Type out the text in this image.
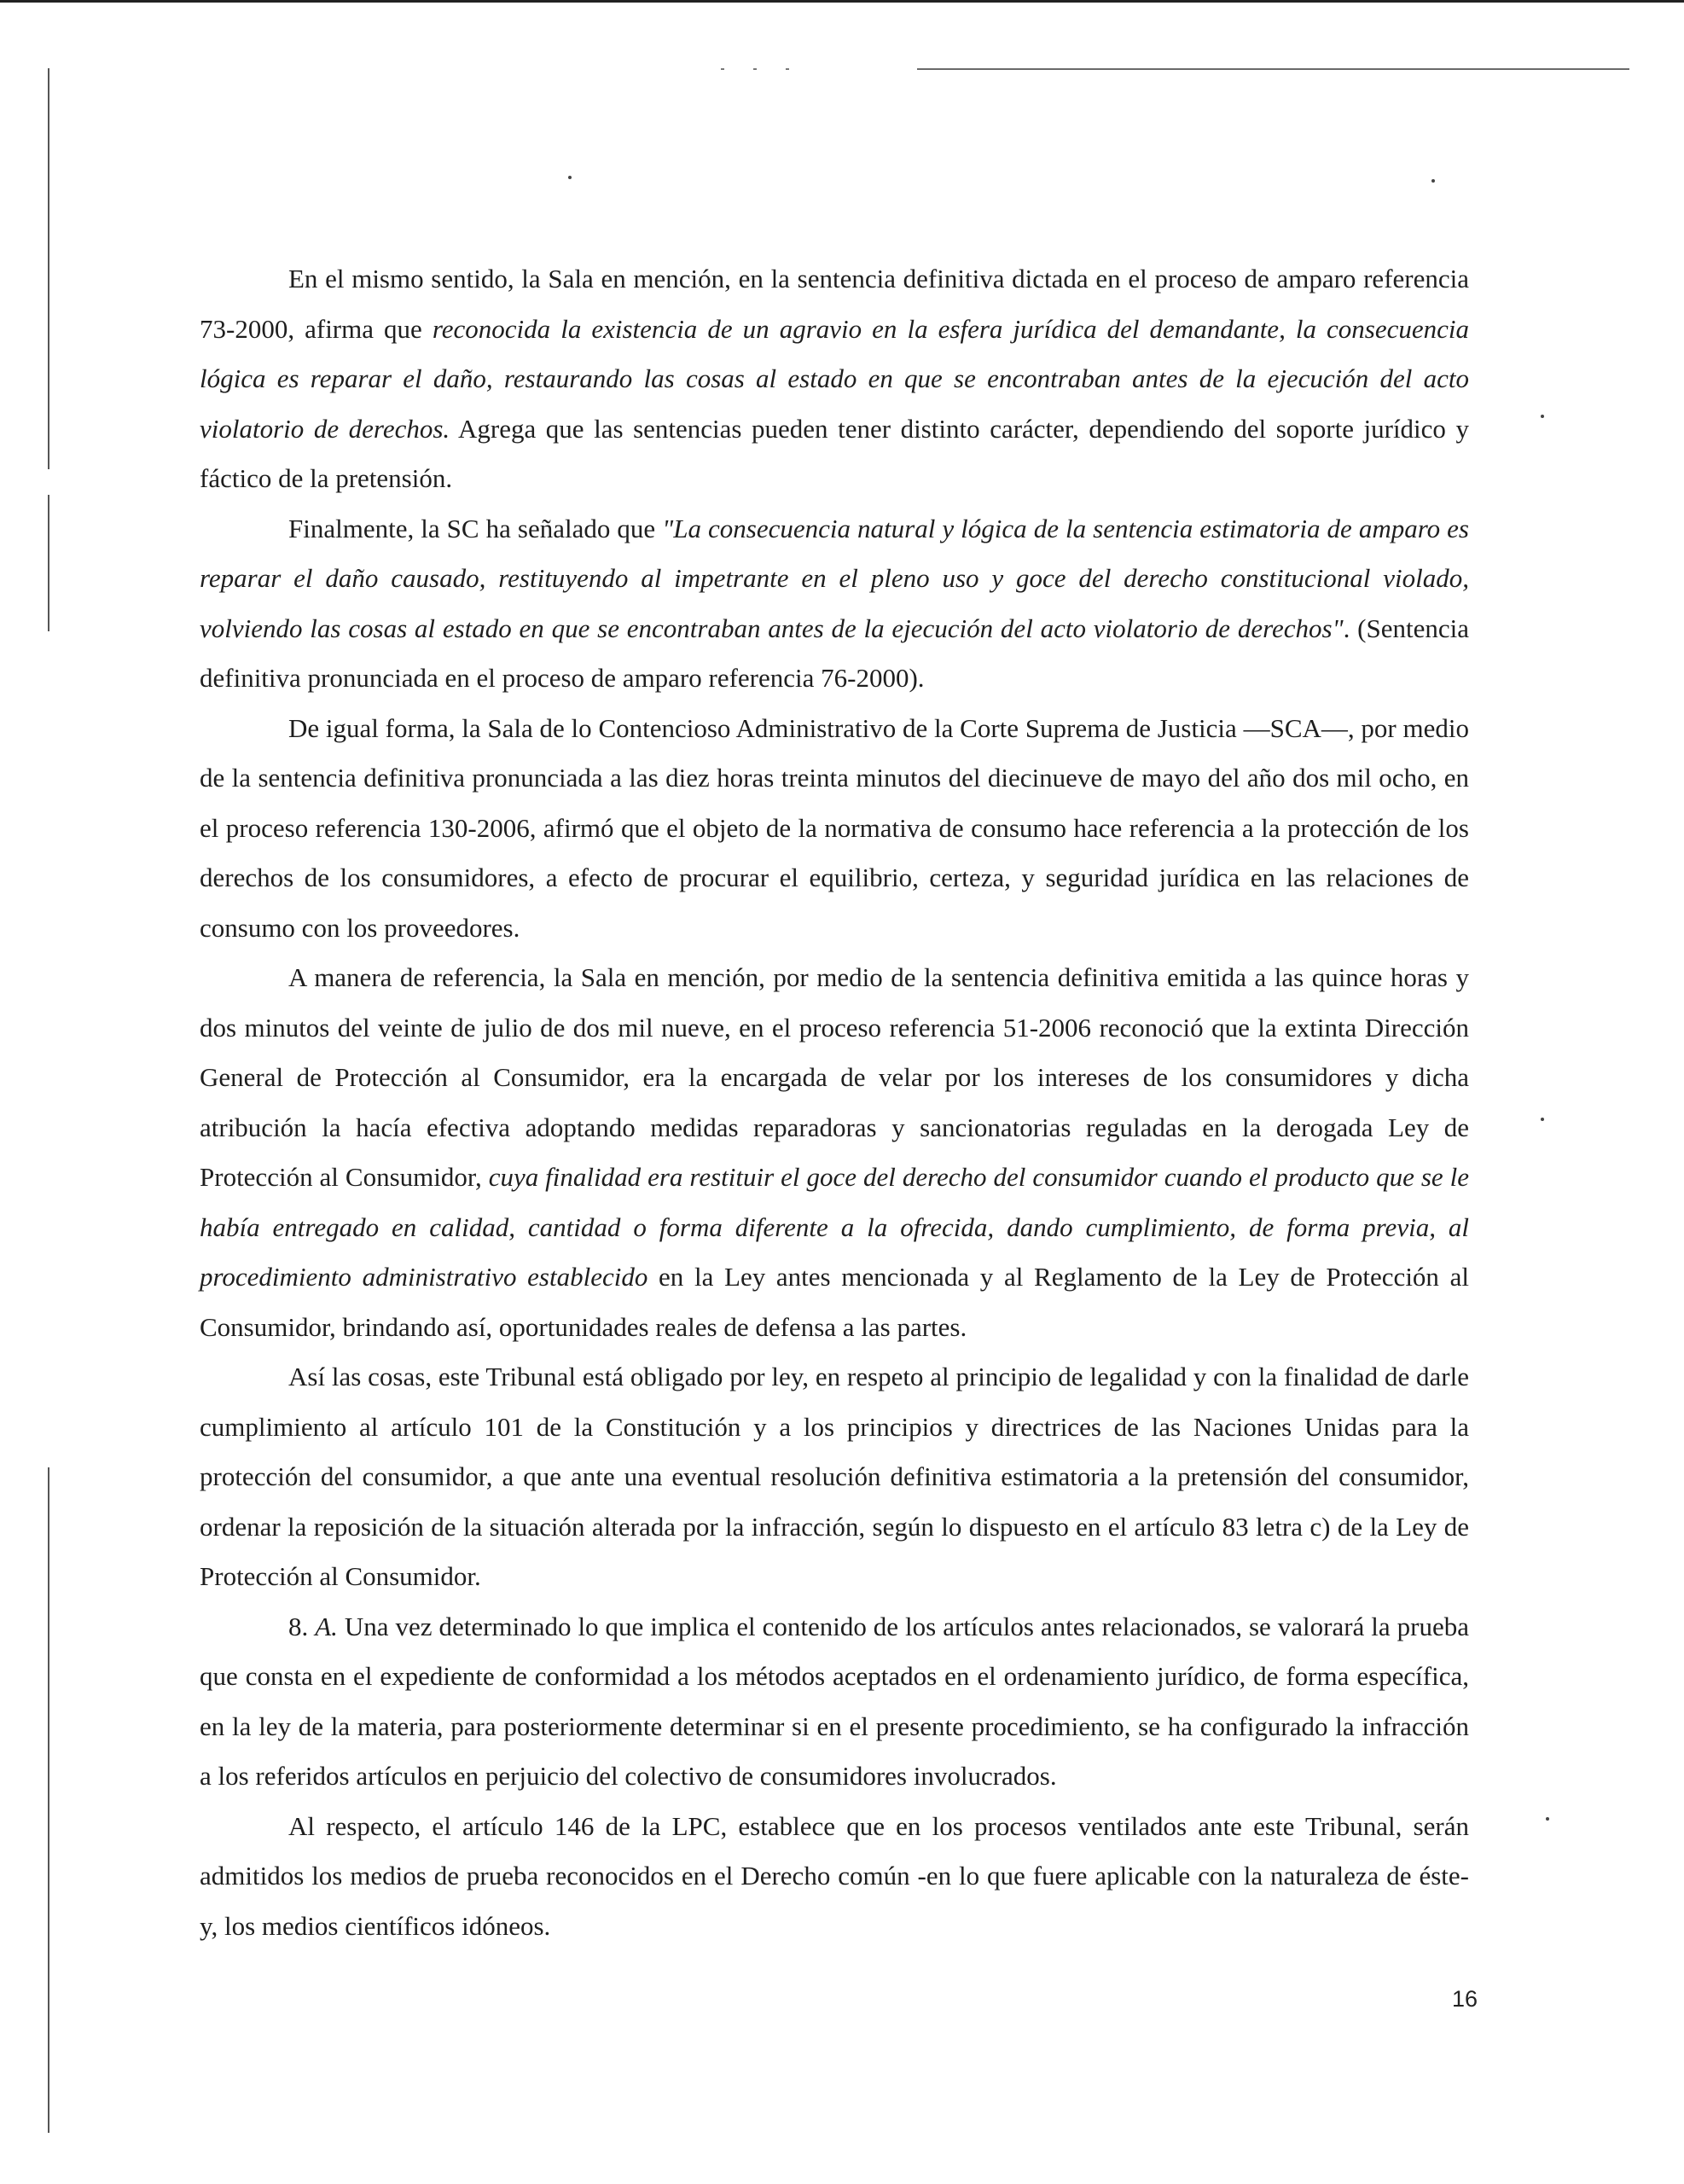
En el mismo sentido, la Sala en mención, en la sentencia definitiva dictada en el proceso de amparo referencia 73-2000, afirma que reconocida la existencia de un agravio en la esfera jurídica del demandante, la consecuencia lógica es reparar el daño, restaurando las cosas al estado en que se encontraban antes de la ejecución del acto violatorio de derechos. Agrega que las sentencias pueden tener distinto carácter, dependiendo del soporte jurídico y fáctico de la pretensión.

Finalmente, la SC ha señalado que "La consecuencia natural y lógica de la sentencia estimatoria de amparo es reparar el daño causado, restituyendo al impetrante en el pleno uso y goce del derecho constitucional violado, volviendo las cosas al estado en que se encontraban antes de la ejecución del acto violatorio de derechos". (Sentencia definitiva pronunciada en el proceso de amparo referencia 76-2000).

De igual forma, la Sala de lo Contencioso Administrativo de la Corte Suprema de Justicia —SCA—, por medio de la sentencia definitiva pronunciada a las diez horas treinta minutos del diecinueve de mayo del año dos mil ocho, en el proceso referencia 130-2006, afirmó que el objeto de la normativa de consumo hace referencia a la protección de los derechos de los consumidores, a efecto de procurar el equilibrio, certeza, y seguridad jurídica en las relaciones de consumo con los proveedores.

A manera de referencia, la Sala en mención, por medio de la sentencia definitiva emitida a las quince horas y dos minutos del veinte de julio de dos mil nueve, en el proceso referencia 51-2006 reconoció que la extinta Dirección General de Protección al Consumidor, era la encargada de velar por los intereses de los consumidores y dicha atribución la hacía efectiva adoptando medidas reparadoras y sancionatorias reguladas en la derogada Ley de Protección al Consumidor, cuya finalidad era restituir el goce del derecho del consumidor cuando el producto que se le había entregado en calidad, cantidad o forma diferente a la ofrecida, dando cumplimiento, de forma previa, al procedimiento administrativo establecido en la Ley antes mencionada y al Reglamento de la Ley de Protección al Consumidor, brindando así, oportunidades reales de defensa a las partes.

Así las cosas, este Tribunal está obligado por ley, en respeto al principio de legalidad y con la finalidad de darle cumplimiento al artículo 101 de la Constitución y a los principios y directrices de las Naciones Unidas para la protección del consumidor, a que ante una eventual resolución definitiva estimatoria a la pretensión del consumidor, ordenar la reposición de la situación alterada por la infracción, según lo dispuesto en el artículo 83 letra c) de la Ley de Protección al Consumidor.

8. A. Una vez determinado lo que implica el contenido de los artículos antes relacionados, se valorará la prueba que consta en el expediente de conformidad a los métodos aceptados en el ordenamiento jurídico, de forma específica, en la ley de la materia, para posteriormente determinar si en el presente procedimiento, se ha configurado la infracción a los referidos artículos en perjuicio del colectivo de consumidores involucrados.

Al respecto, el artículo 146 de la LPC, establece que en los procesos ventilados ante este Tribunal, serán admitidos los medios de prueba reconocidos en el Derecho común -en lo que fuere aplicable con la naturaleza de éste- y, los medios científicos idóneos.

16
